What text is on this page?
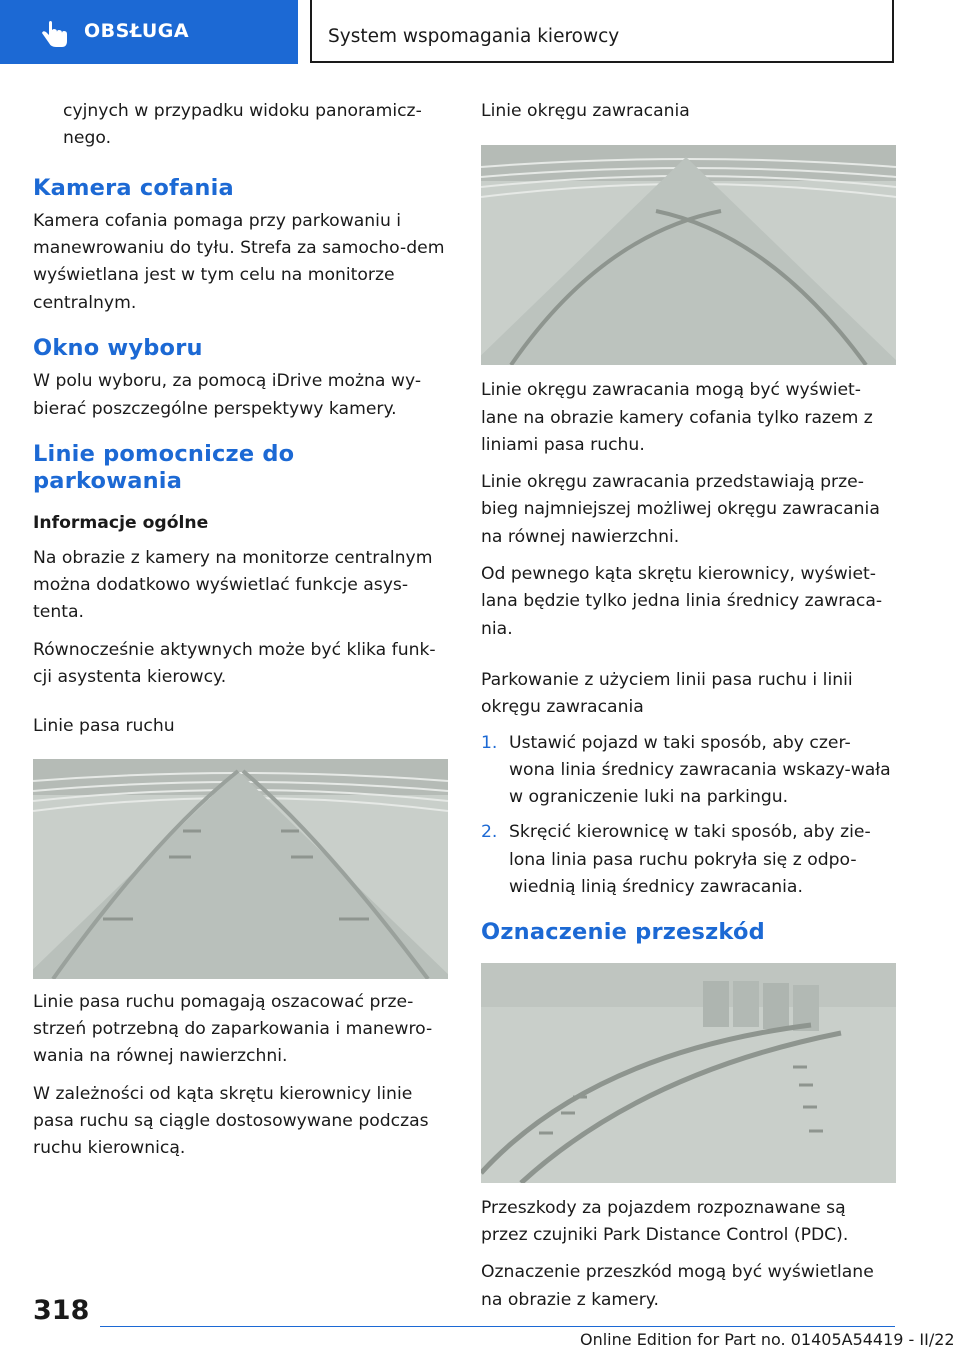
OBSŁUGA	System wspomagania kierowcy

cyjnych w przypadku widoku panoramicz-nego.

Kamera cofania

Kamera cofania pomaga przy parkowaniu i manewrowaniu do tyłu. Strefa za samocho-dem wyświetlana jest w tym celu na monitorze centralnym.

Okno wyboru

W polu wyboru, za pomocą iDrive można wy-bierać poszczególne perspektywy kamery.

Linie pomocnicze do parkowania
Informacje ogólne

Na obrazie z kamery na monitorze centralnym można dodatkowo wyświetlać funkcje asys-tenta.

Równocześnie aktywnych może być klika funk-cji asystenta kierowcy.

Linie pasa ruchu

Linie pasa ruchu pomagają oszacować prze-strzeń potrzebną do zaparkowania i manewro-wania na równej nawierzchni.

W zależności od kąta skrętu kierownicy linie pasa ruchu są ciągle dostosowywane podczas ruchu kierownicą.

Linie okręgu zawracania

Linie okręgu zawracania mogą być wyświet-lane na obrazie kamery cofania tylko razem z liniami pasa ruchu.

Linie okręgu zawracania przedstawiają prze-bieg najmniejszej możliwej okręgu zawracania na równej nawierzchni.

Od pewnego kąta skrętu kierownicy, wyświet-lana będzie tylko jedna linia średnicy zawraca-nia.

Parkowanie z użyciem linii pasa ruchu i linii okręgu zawracania
1. Ustawić pojazd w taki sposób, aby czer-wona linia średnicy zawracania wskazy-wała w ograniczenie luki na parkingu.
2. Skręcić kierownicę w taki sposób, aby zie-lona linia pasa ruchu pokryła się z odpo-wiednią linią średnicy zawracania.
Oznaczenie przeszkód

Przeszkody za pojazdem rozpoznawane są przez czujniki Park Distance Control (PDC).

Oznaczenie przeszkód mogą być wyświetlane na obrazie z kamery.

318
Online Edition for Part no. 01405A54419 - II/22
